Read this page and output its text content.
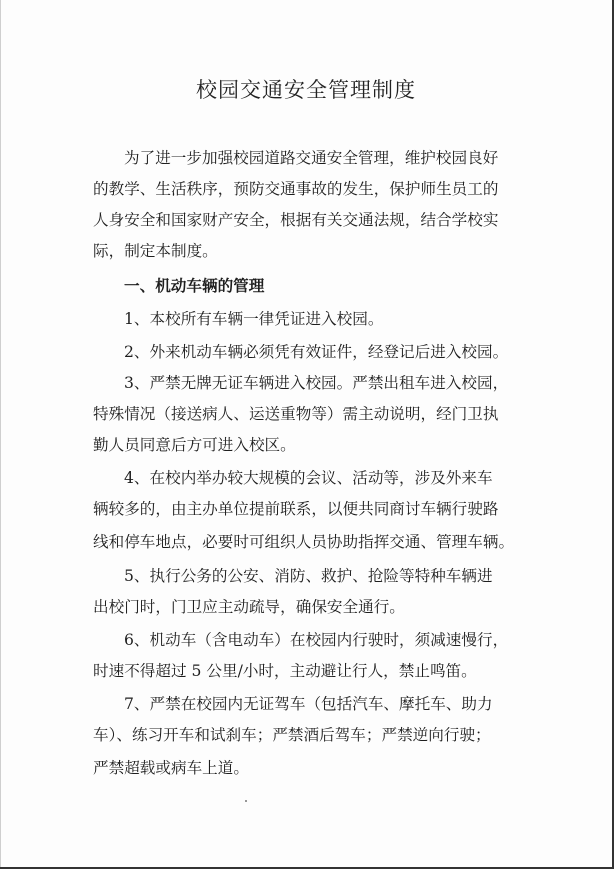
校园交通安全管理制度
为了进一步加强校园道路交通安全管理，维护校园良好
的教学、生活秩序，预防交通事故的发生，保护师生员工的
人身安全和国家财产安全，根据有关交通法规，结合学校实
际，制定本制度。
一、机动车辆的管理
1、本校所有车辆一律凭证进入校园。
2、外来机动车辆必须凭有效证件，经登记后进入校园。
3、严禁无牌无证车辆进入校园。严禁出租车进入校园，
特殊情况（接送病人、运送重物等）需主动说明，经门卫执
勤人员同意后方可进入校区。
4、在校内举办较大规模的会议、活动等，涉及外来车
辆较多的，由主办单位提前联系，以便共同商讨车辆行驶路
线和停车地点，必要时可组织人员协助指挥交通、管理车辆。
5、执行公务的公安、消防、救护、抢险等特种车辆进
出校门时，门卫应主动疏导，确保安全通行。
6、机动车（含电动车）在校园内行驶时，须减速慢行，
时速不得超过 5 公里/小时，主动避让行人，禁止鸣笛。
7、严禁在校园内无证驾车（包括汽车、摩托车、助力
车）、练习开车和试刹车；严禁酒后驾车；严禁逆向行驶；
严禁超载或病车上道。
